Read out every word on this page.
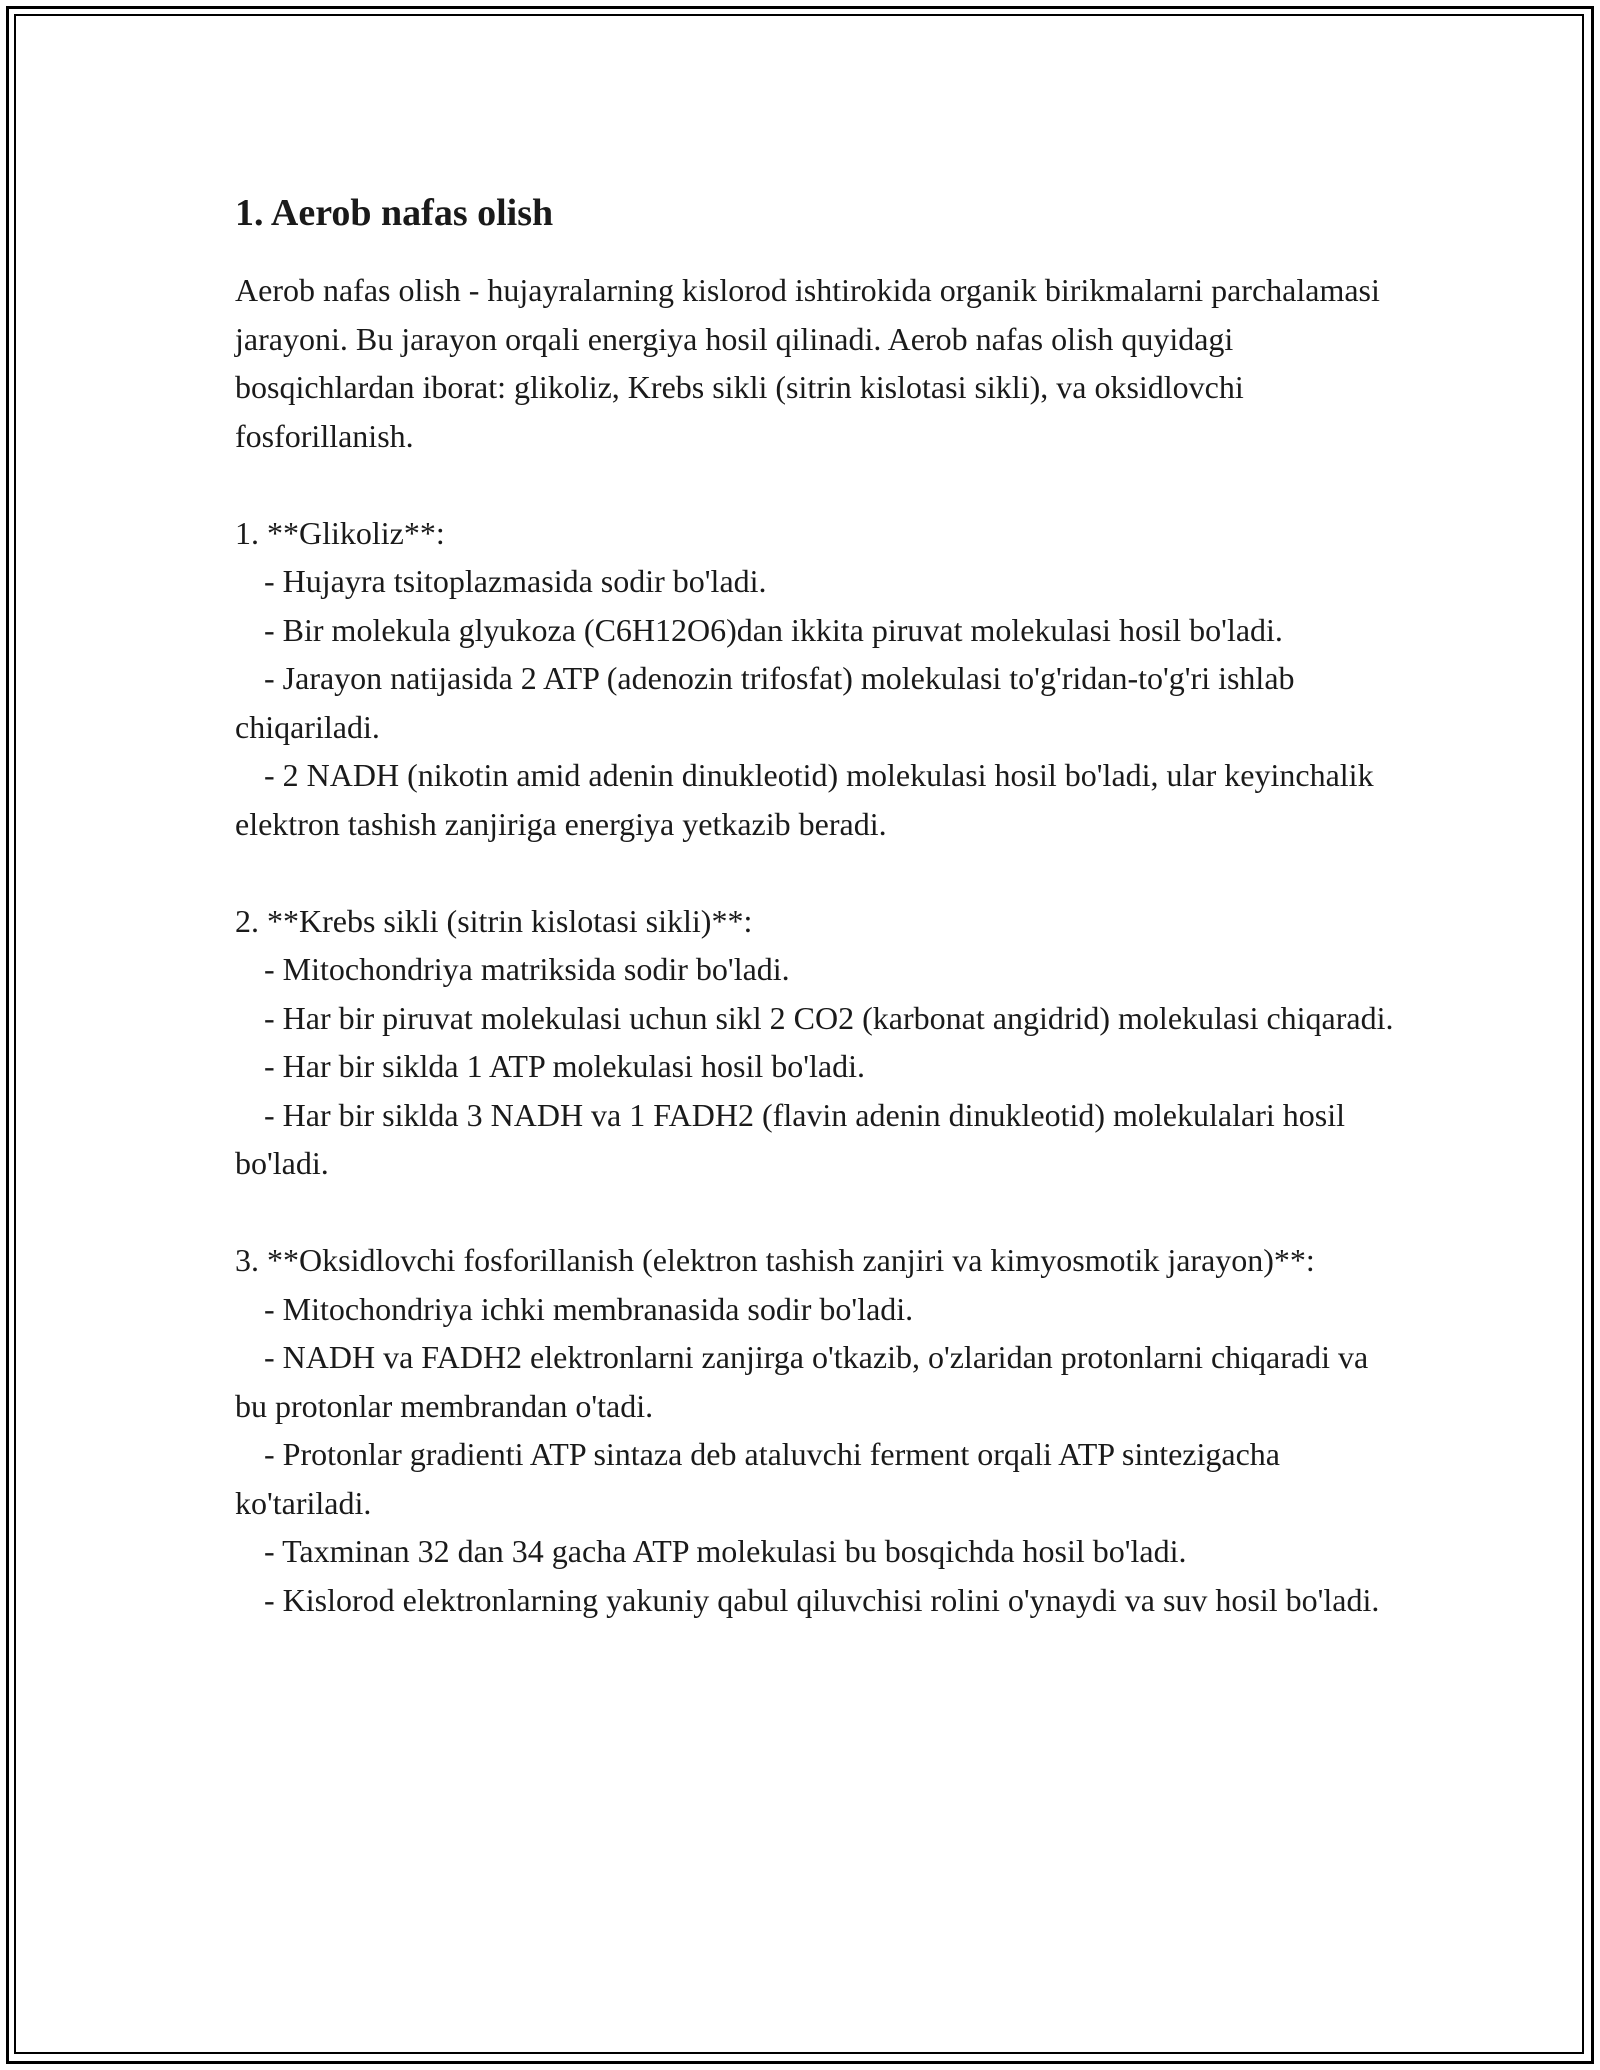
1. Aerob nafas olish

Aerob nafas olish - hujayralarning kislorod ishtirokida organik birikmalarni parchalamasi jarayoni. Bu jarayon orqali energiya hosil qilinadi. Aerob nafas olish quyidagi bosqichlardan iborat: glikoliz, Krebs sikli (sitrin kislotasi sikli), va oksidlovchi fosforillanish.

1. **Glikoliz**:

- Hujayra tsitoplazmasida sodir bo'ladi.

- Bir molekula glyukoza (C6H12O6)dan ikkita piruvat molekulasi hosil bo'ladi.

- Jarayon natijasida 2 ATP (adenozin trifosfat) molekulasi to'g'ridan-to'g'ri ishlab chiqariladi.

- 2 NADH (nikotin amid adenin dinukleotid) molekulasi hosil bo'ladi, ular keyinchalik elektron tashish zanjiriga energiya yetkazib beradi.

2. **Krebs sikli (sitrin kislotasi sikli)**:

- Mitochondriya matriksida sodir bo'ladi.

- Har bir piruvat molekulasi uchun sikl 2 CO2 (karbonat angidrid) molekulasi chiqaradi.

- Har bir siklda 1 ATP molekulasi hosil bo'ladi.

- Har bir siklda 3 NADH va 1 FADH2 (flavin adenin dinukleotid) molekulalari hosil bo'ladi.

3. **Oksidlovchi fosforillanish (elektron tashish zanjiri va kimyosmotik jarayon)**:

- Mitochondriya ichki membranasida sodir bo'ladi.

- NADH va FADH2 elektronlarni zanjirga o'tkazib, o'zlaridan protonlarni chiqaradi va bu protonlar membrandan o'tadi.

- Protonlar gradienti ATP sintaza deb ataluvchi ferment orqali ATP sintezigacha ko'tariladi.

- Taxminan 32 dan 34 gacha ATP molekulasi bu bosqichda hosil bo'ladi.

- Kislorod elektronlarning yakuniy qabul qiluvchisi rolini o'ynaydi va suv hosil bo'ladi.
